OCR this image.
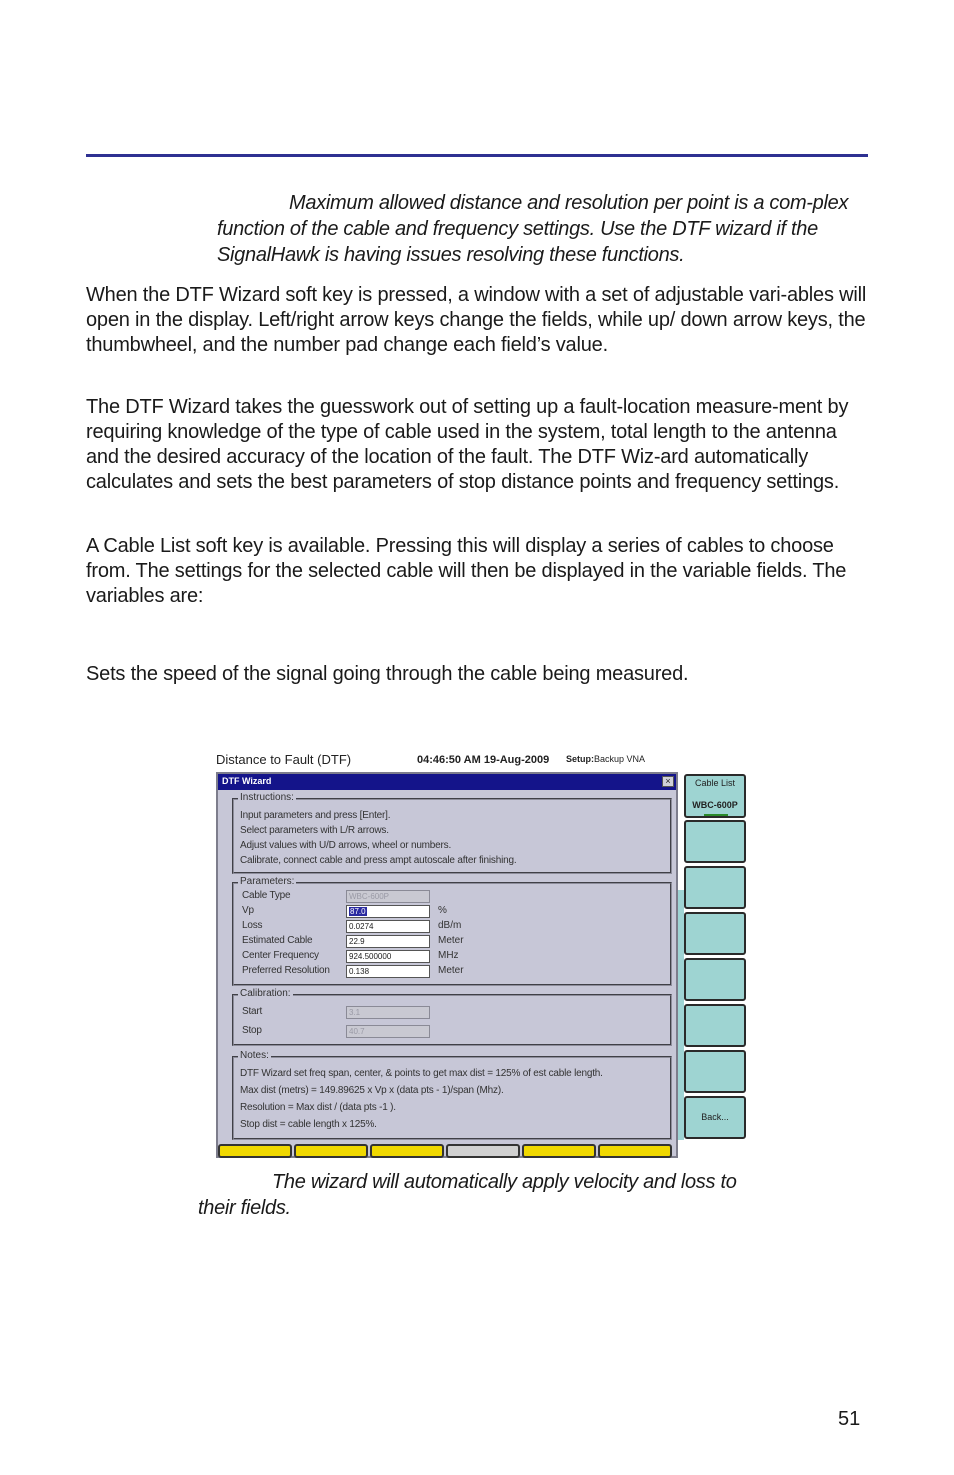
Maximum allowed distance and resolution per point is a com-plex function of the cable and frequency settings. Use the DTF wizard if the SignalHawk is having issues resolving these functions.

When the DTF Wizard soft key is pressed, a window with a set of adjustable vari-ables will open in the display. Left/right arrow keys change the fields, while up/ down arrow keys, the thumbwheel, and the number pad change each field’s value.

The DTF Wizard takes the guesswork out of setting up a fault-location measure-ment by requiring knowledge of the type of cable used in the system, total length to the antenna and the desired accuracy of the location of the fault. The DTF Wiz-ard automatically calculates and sets the best parameters of stop distance points and frequency settings.

A Cable List soft key is available. Pressing this will display a series of cables to choose from. The settings for the selected cable will then be displayed in the variable fields. The variables are:

Sets the speed of the signal going through the cable being measured.

Distance to Fault (DTF)	04:46:50 AM 19-Aug-2009 Setup:Backup VNA
DTF Wizard	×
Instructions:
Input parameters and press [Enter].
Select parameters with L/R arrows.
Adjust values with U/D arrows, wheel or numbers.
Calibrate, connect cable and press ampt autoscale after finishing.
Parameters:
Cable Type	WBC-600P
Vp	87.0	%
Loss	0.0274	dB/m
Estimated Cable	22.9	Meter
Center Frequency	924.500000	MHz
Preferred Resolution	0.138	Meter
Calibration:
Start	3.1
Stop	40.7
Notes:
DTF Wizard set freq span, center, & points to get max dist = 125% of est cable length.
Max dist (metrs) = 149.89625 x Vp x (data pts - 1)/span (Mhz).
Resolution = Max dist / (data pts -1 ).
Stop dist = cable length x 125%.
Cable List
WBC-600P
Back...
The wizard will automatically apply velocity and loss to their fields.
51
